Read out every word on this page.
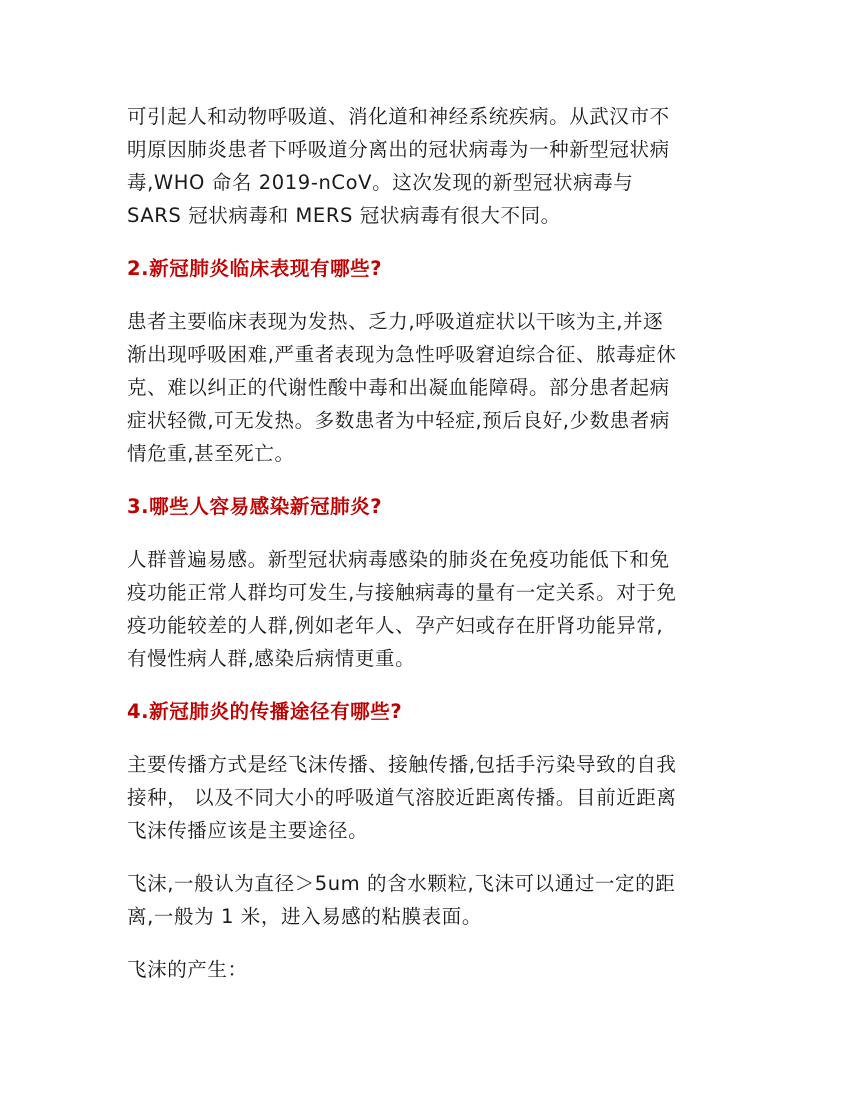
可引起人和动物呼吸道、消化道和神经系统疾病。从武汉市不
明原因肺炎患者下呼吸道分离出的冠状病毒为一种新型冠状病
毒,WHO 命名 2019-nCoV。这次发现的新型冠状病毒与
SARS 冠状病毒和 MERS 冠状病毒有很大不同。

2.新冠肺炎临床表现有哪些?

患者主要临床表现为发热、乏力,呼吸道症状以干咳为主,并逐
渐出现呼吸困难,严重者表现为急性呼吸窘迫综合征、脓毒症休
克、难以纠正的代谢性酸中毒和出凝血能障碍。部分患者起病
症状轻微,可无发热。多数患者为中轻症,预后良好,少数患者病
情危重,甚至死亡。

3.哪些人容易感染新冠肺炎?

人群普遍易感。新型冠状病毒感染的肺炎在免疫功能低下和免
疫功能正常人群均可发生,与接触病毒的量有一定关系。对于免
疫功能较差的人群,例如老年人、孕产妇或存在肝肾功能异常,
有慢性病人群,感染后病情更重。

4.新冠肺炎的传播途径有哪些?

主要传播方式是经飞沫传播、接触传播,包括手污染导致的自我
接种， 以及不同大小的呼吸道气溶胶近距离传播。目前近距离
飞沫传播应该是主要途径。

飞沫,一般认为直径＞5um 的含水颗粒,飞沫可以通过一定的距
离,一般为 1 米，进入易感的粘膜表面。

飞沫的产生：
